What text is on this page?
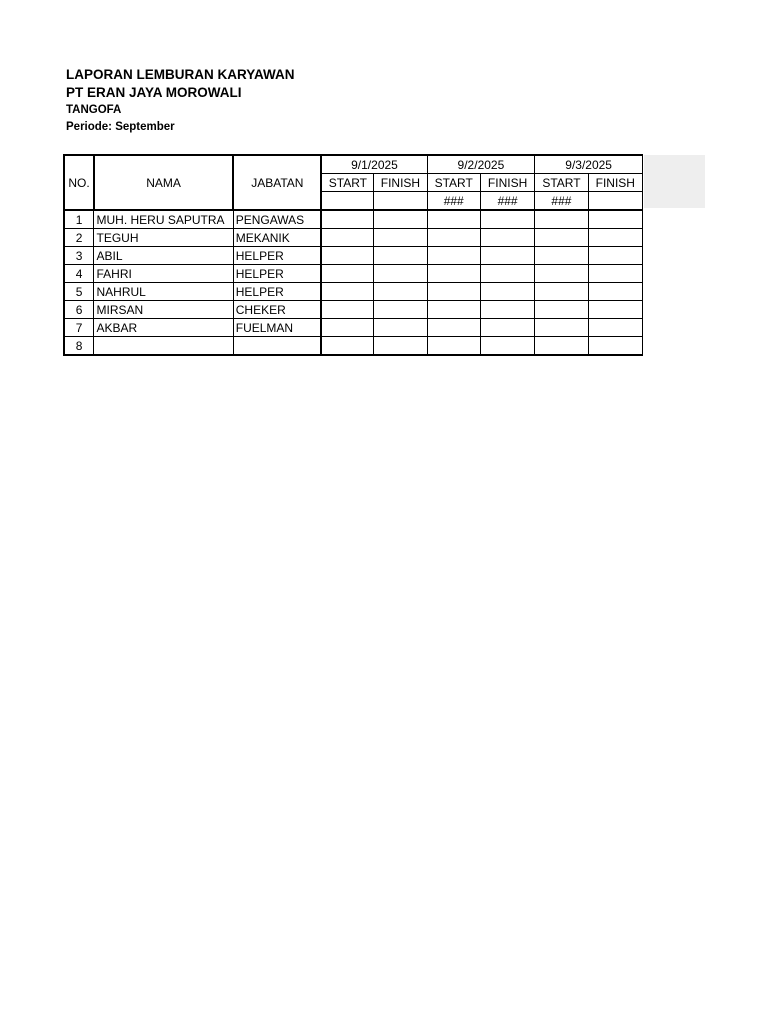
LAPORAN LEMBURAN KARYAWAN
PT ERAN JAYA MOROWALI
TANGOFA
Periode: September
NO.	NAMA	JABATAN	9/1/2025		9/2/2025		9/3/2025	
			START	FINISH	START	FINISH	START	FINISH
					###	###	###	
1	MUH. HERU SAPUTRA	PENGAWAS						
2	TEGUH	MEKANIK						
3	ABIL	HELPER						
4	FAHRI	HELPER						
5	NAHRUL	HELPER						
6	MIRSAN	CHEKER						
7	AKBAR	FUELMAN						
8								
